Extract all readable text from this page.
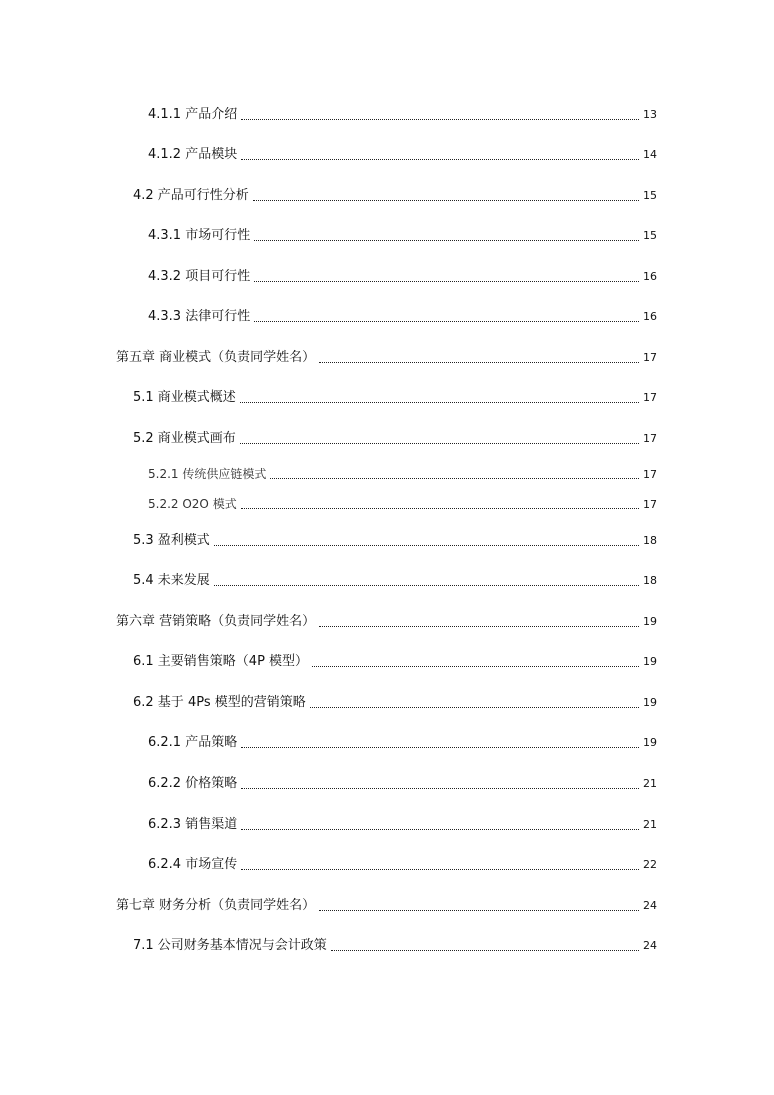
4.1.1 产品介绍	13
4.1.2 产品模块	14
4.2 产品可行性分析	15
4.3.1 市场可行性	15
4.3.2 项目可行性	16
4.3.3 法律可行性	16
第五章 商业模式（负责同学姓名）	17
5.1 商业模式概述	17
5.2 商业模式画布	17
5.2.1 传统供应链模式	17
5.2.2 O2O 模式	17
5.3 盈利模式	18
5.4 未来发展	18
第六章 营销策略（负责同学姓名）	19
6.1 主要销售策略（4P 模型）	19
6.2 基于 4Ps 模型的营销策略	19
6.2.1 产品策略	19
6.2.2 价格策略	21
6.2.3 销售渠道	21
6.2.4 市场宣传	22
第七章 财务分析（负责同学姓名）	24
7.1 公司财务基本情况与会计政策	24
